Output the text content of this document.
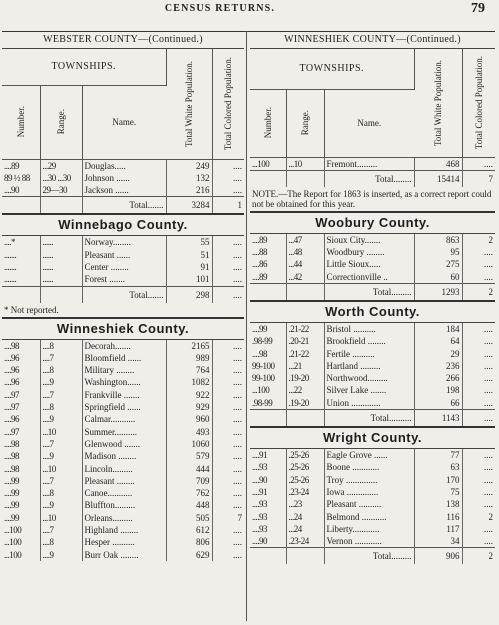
CENSUS RETURNS.	79
WEBSTER COUNTY—(Continued.)
TOWNSHIPS.			Total White Population.	Total Colored Population.

Number.	Range.	Name.		
....89	...29	Douglas.....	249	....
89 ½ 88	...30 ...30	Johnson ......	132	....
....90	29—30	Jackson ......	216	....
		Total.......	3284	1
Winnebago County.
....*	......	Norway........	55	....
.......	......	Pleasant ......	51	....
.......	......	Center ........	91	....
.......	......	Forest .......	101	....
		Total.......	298	....
* Not reported.
Winneshiek County.
....98	....8	Decorah.......	2165	....
....96	....7	Bloomfield ......	989	....
....96	....8	Military ........	764	....
....96	....9	Washington......	1082	....
....97	....7	Frankville .......	922	....
....97	....8	Springfield ......	929	....
....96	....9	Calmar...........	960	....
....97	...10	Summer..........	493	....
....98	....7	Glenwood .......	1060	....
....98	....9	Madison ........	579	....
....98	...10	Lincoln.........	444	....
....99	....7	Pleasant ........	709	....
....99	....8	Canoe...........	762	....
....99	....9	Bluffton.........	448	....
....99	...10	Orleans.........	505	7
...100	....7	Highland ........	612	....
...100	....8	Hesper ..........	806	....
...100	....9	Burr Oak ........	629	....
WINNESHIEK COUNTY—(Continued.)
TOWNSHIPS.			Total White Population.	Total Colored Population.

Number.	Range.	Name.		
...100	...10	Fremont.........	468	....
		Total........	15414	7
NOTE.—The Report for 1863 is inserted, as a correct report could not be obtained for this year.
Woobury County.
....89	...47	Sioux City.......	863	2
....88	...48	Woodbury ........	95	....
....86	...44	Little Sioux.....	275	....
....89	...42	Correctionville ..	60	....
		Total.........	1293	2
Worth County.
....99	.21-22	Bristol ..........	184	....
.98-99	.20-21	Brookfield ........	64	....
....98	.21-22	Fertile ..........	29	....
99-100	...21	Hartland .........	236	....
99-100	.19-20	Northwood.........	266	....
...100	...22	Silver Lake .......	198	....
.98-99	.19-20	Union .............	66	....
		Total..........	1143	....
Wright County.
....91	.25-26	Eagle Grove ......	77	....
....93	.25-26	Boone ............	63	....
....90	.25-26	Troy ..............	170	....
....91	.23-24	Iowa ..............	75	....
....93	...23	Pleasant ..........	138	....
....93	...24	Belmond ...........	116	2
....93	...24	Liberty............	117	....
....90	.23-24	Vernon ............	34	....
		Total.........	906	2
